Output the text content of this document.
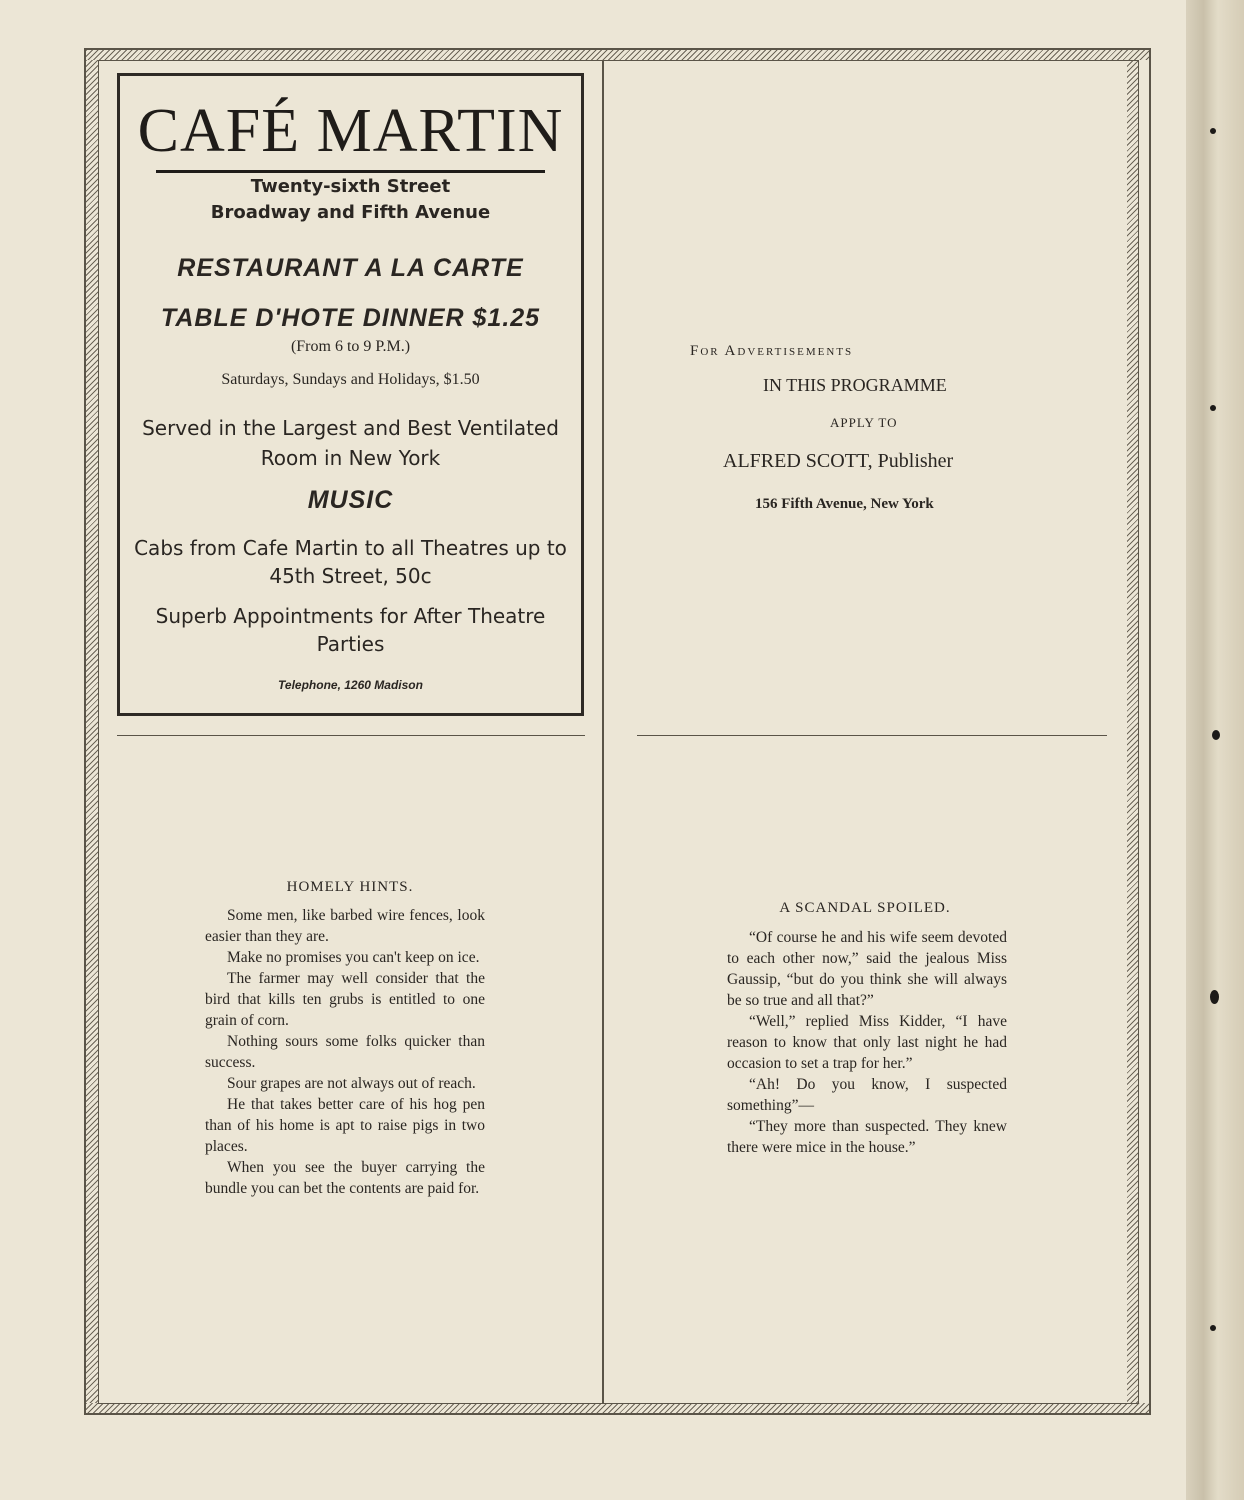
CAFÉ MARTIN
Twenty-sixth Street
Broadway and Fifth Avenue
RESTAURANT A LA CARTE
TABLE D'HOTE DINNER $1.25
(From 6 to 9 P.M.)
Saturdays, Sundays and Holidays, $1.50
Served in the Largest and Best Ventilated
Room in New York
MUSIC
Cabs from Cafe Martin to all Theatres up to
45th Street, 50c
Superb Appointments for After Theatre
Parties
Telephone, 1260 Madison
For Advertisements
IN THIS PROGRAMME
APPLY TO
ALFRED SCOTT, Publisher
156 Fifth Avenue, New York
HOMELY HINTS.

Some men, like barbed wire fences, look easier than they are.

Make no promises you can't keep on ice.

The farmer may well consider that the bird that kills ten grubs is entitled to one grain of corn.

Nothing sours some folks quicker than success.

Sour grapes are not always out of reach.

He that takes better care of his hog pen than of his home is apt to raise pigs in two places.

When you see the buyer carrying the bundle you can bet the contents are paid for.

A SCANDAL SPOILED.

“Of course he and his wife seem devoted to each other now,” said the jealous Miss Gaussip, “but do you think she will always be so true and all that?”

“Well,” replied Miss Kidder, “I have reason to know that only last night he had occasion to set a trap for her.”

“Ah! Do you know, I suspected something”—

“They more than suspected. They knew there were mice in the house.”
